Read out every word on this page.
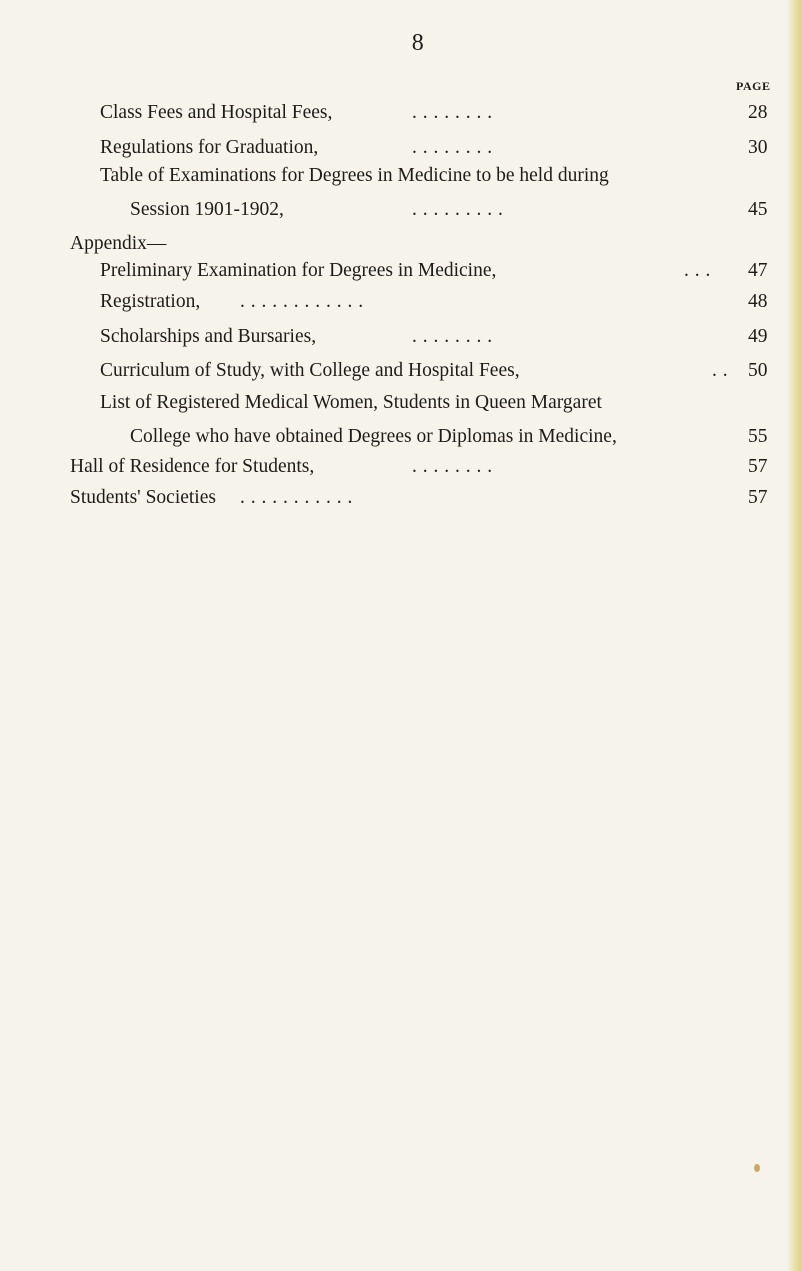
8
PAGE
Class Fees and Hospital Fees,	. . . . . . . .	28
Regulations for Graduation,	. . . . . . . .	30
Table of Examinations for Degrees in Medicine to be held during
Session 1901-1902,	. . . . . . . . .	45
Appendix—
Preliminary Examination for Degrees in Medicine,	. . . 47
Registration, . . . . . . . . . . . .	48
Scholarships and Bursaries,	. . . . . . . .	49
Curriculum of Study, with College and Hospital Fees,	. . 50
List of Registered Medical Women, Students in Queen Margaret
College who have obtained Degrees or Diplomas in Medicine,	55
Hall of Residence for Students,	. . . . . . . .	57
Students' Societies . . . . . . . . . . .	57
